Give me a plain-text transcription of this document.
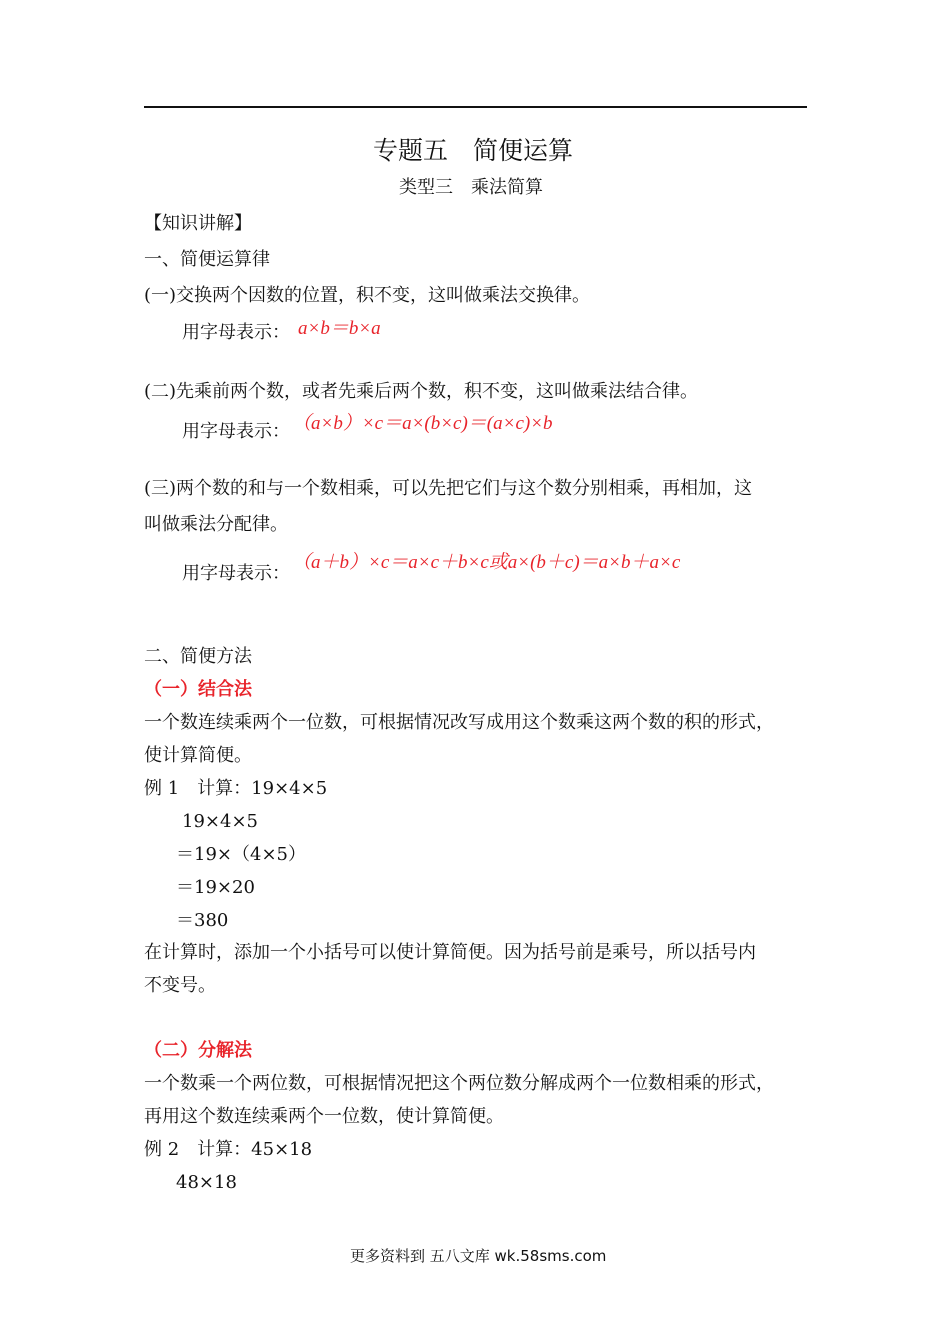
专题五　简便运算
类型三　乘法简算
【知识讲解】
一、简便运算律
(一)交换两个因数的位置，积不变，这叫做乘法交换律。
用字母表示： a×b＝b×a
(二)先乘前两个数，或者先乘后两个数，积不变，这叫做乘法结合律。
用字母表示： （a×b）×c＝a×(b×c)＝(a×c)×b
(三)两个数的和与一个数相乘，可以先把它们与这个数分别相乘，再相加，这
叫做乘法分配律。
用字母表示：
（a＋b）×c＝a×c＋b×c或a×(b＋c)＝a×b＋a×c
二、简便方法
（一）结合法
一个数连续乘两个一位数，可根据情况改写成用这个数乘这两个数的积的形式，
使计算简便。
例 1　计算：19×4×5
19×4×5
＝19×（4×5）
＝19×20
＝380
在计算时，添加一个小括号可以使计算简便。因为括号前是乘号，所以括号内
不变号。
（二）分解法
一个数乘一个两位数，可根据情况把这个两位数分解成两个一位数相乘的形式，
再用这个数连续乘两个一位数，使计算简便。
例 2　计算：45×18
48×18
更多资料到 五八文库 wk.58sms.com
